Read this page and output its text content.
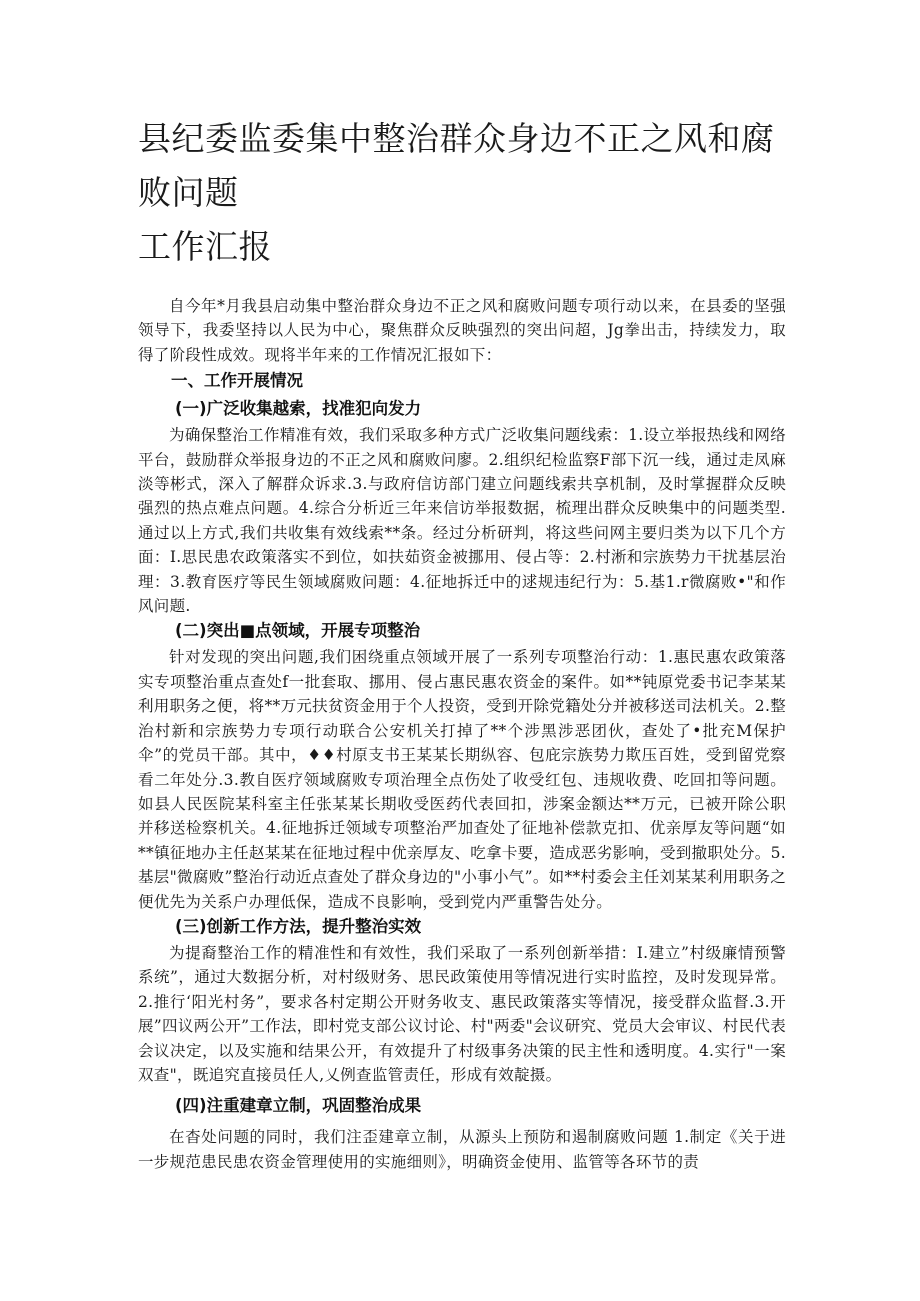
县纪委监委集中整治群众身边不正之风和腐败问题
工作汇报

自今年*月我县启动集中整治群众身边不正之风和腐败问题专项行动以来，在县委的坚强领导下，我委坚持以人民为中心，聚焦群众反映强烈的突出问超，Jg拳出击，持续发力，取得了阶段性成效。现将半年来的工作情况汇报如下：

一、工作开展情况
(一)广泛收集越索，找准犯向发力

为确保整治工作精准有效，我们采取多种方式广泛收集问题线索：1.设立举报热线和网络平台，鼓励群众举报身边的不正之风和腐败问廖。2.组织纪检监察F部下沉一线，通过走凤麻淡等彬式，深入了解群众诉求.3.与政府信访部门建立问题线索共享机制，及时掌握群众反映强烈的热点难点问题。4.综合分析近三年来信访举报数据，梳理出群众反映集中的问题类型.通过以上方式,我们共收集有效线索**条。经过分析研判，将这些问网主要归类为以下几个方面：I.思民患农政策落实不到位，如扶茹资金被挪用、侵占等：2.村淅和宗族势力干扰基层治理：3.教育医疗等民生领域腐败问题：4.征地拆迁中的逑规违纪行为：5.基1.r微腐败•"和作风问题.

(二)突出■点领域，开展专项整治

针对发现的突出问题,我们困绕重点领域开展了一系列专项整治行动：1.惠民惠农政策落实专项整治重点查处f一批套取、挪用、侵占惠民惠农资金的案件。如**钝原党委书记李某某利用职务之便，将**万元扶贫资金用于个人投资，受到开除党籍处分并被移送司法机关。2.整治村新和宗族势力专项行动联合公安机关打掉了**个涉黑涉恶团伙，查处了•批充M保护伞”的党员干部。其中，♦♦村原支书王某某长期纵容、包庇宗族势力欺压百姓，受到留党察看二年处分.3.教自医疗领域腐败专项治理全点伤处了收受红包、违规收费、吃回扣等问题。如县人民医院某科室主任张某某长期收受医药代表回扣，涉案金额达**万元，已被开除公职并移送检察机关。4.征地拆迁领域专项整治严加查处了征地补偿款克扣、优亲厚友等问题“如**镇征地办主任赵某某在征地过程中优亲厚友、吃拿卡要，造成恶劣影响，受到撤职处分。5.基层"微腐败”整治行动近点查处了群众身边的"小事小气”。如**村委会主任刘某某利用职务之便优先为关系户办理低保，造成不良影响，受到党内严重警告处分。

(三)创新工作方法，提升整治实效

为提裔整治工作的精准性和有效性，我们采取了一系列创新举措：I.建立”村级廉情预警系统”，通过大数据分析，对村级财务、思民政策使用等情况进行实时监控，及时发现异常。2.推行‘阳光村务”，要求各村定期公开财务收支、惠民政策落实等情况，接受群众监督.3.开展”四议两公开”工作法，即村党支部公议讨论、村"两委"会议研究、党员大会审议、村民代表会议决定，以及实施和结果公开，有效提升了村级事务决策的民主性和透明度。4.实行"一案双查"，既追究直接员任人,乂例查监管责任，形成有效靛摄。

(四)注重建章立制，巩固整治成果

在杳处问题的同时，我们注歪建章立制，从源头上预防和遏制腐败问题 1.制定《关于进一步规范患民患农资金管理使用的实施细则》，明确资金使用、监管等各环节的责
